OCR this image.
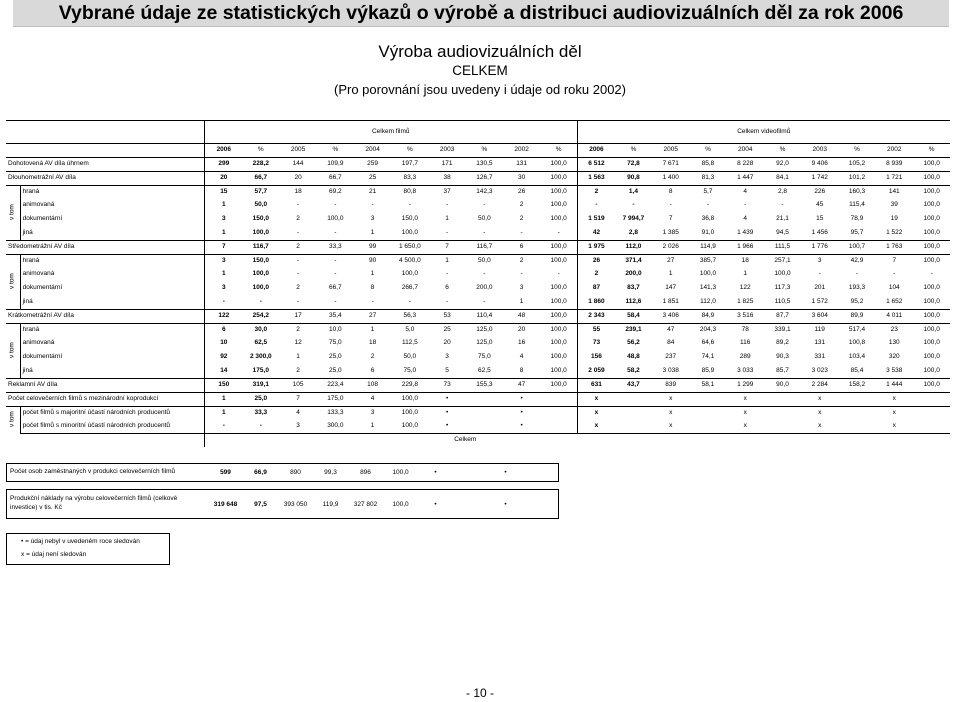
Vybrané údaje ze statistických výkazů o výrobě a distribuci audiovizuálních děl za rok 2006
Výroba audiovizuálních děl
CELKEM
(Pro porovnání jsou uvedeny i údaje od roku 2002)
		Celkem filmů										Celkem videofilmů									
		2006	%	2005	%	2004	%	2003	%	2002	%	2006	%	2005	%	2004	%	2003	%	2002	%
Dohotovená AV díla úhrnem		299	228,2	144	109,9	259	197,7	171	130,5	131	100,0	6 512	72,8	7 671	85,8	8 228	92,0	9 406	105,2	8 939	100,0
Dlouhometrážní AV díla		20	66,7	20	66,7	25	83,3	38	126,7	30	100,0	1 563	90,8	1 400	81,3	1 447	84,1	1 742	101,2	1 721	100,0

v tom	hraná	15	57,7	18	69,2	21	80,8	37	142,3	26	100,0	2	1,4	8	5,7	4	2,8	226	160,3	141	100,0
	animovaná	1	50,0	-	-	-	-	-	-	2	100,0	-	-	-	-	-	-	45	115,4	39	100,0
	dokumentární	3	150,0	2	100,0	3	150,0	1	50,0	2	100,0	1 519	7 994,7	7	36,8	4	21,1	15	78,9	19	100,0
	jiná	1	100,0	-	-	1	100,0	-	-	-	-	42	2,8	1 385	91,0	1 439	94,5	1 456	95,7	1 522	100,0
Středometrážní AV díla		7	116,7	2	33,3	99	1 650,0	7	116,7	6	100,0	1 975	112,0	2 026	114,9	1 966	111,5	1 776	100,7	1 763	100,0

v tom	hraná	3	150,0	-	-	90	4 500,0	1	50,0	2	100,0	26	371,4	27	385,7	18	257,1	3	42,9	7	100,0
	animovaná	1	100,0	-	-	1	100,0	-	-	-	-	2	200,0	1	100,0	1	100,0	-	-	-	-
	dokumentární	3	100,0	2	66,7	8	266,7	6	200,0	3	100,0	87	83,7	147	141,3	122	117,3	201	193,3	104	100,0
	jiná	-	-	-	-	-	-	-	-	1	100,0	1 860	112,6	1 851	112,0	1 825	110,5	1 572	95,2	1 652	100,0
Krátkometrážní AV díla		122	254,2	17	35,4	27	56,3	53	110,4	48	100,0	2 343	58,4	3 406	84,9	3 516	87,7	3 604	89,9	4 011	100,0

v tom	hraná	6	30,0	2	10,0	1	5,0	25	125,0	20	100,0	55	239,1	47	204,3	78	339,1	119	517,4	23	100,0
	animovaná	10	62,5	12	75,0	18	112,5	20	125,0	16	100,0	73	56,2	84	64,6	116	89,2	131	100,8	130	100,0
	dokumentární	92	2 300,0	1	25,0	2	50,0	3	75,0	4	100,0	156	48,8	237	74,1	289	90,3	331	103,4	320	100,0
	jiná	14	175,0	2	25,0	6	75,0	5	62,5	8	100,0	2 059	58,2	3 038	85,9	3 033	85,7	3 023	85,4	3 538	100,0
Reklamní AV díla		150	319,1	105	223,4	108	229,8	73	155,3	47	100,0	631	43,7	839	58,1	1 299	90,0	2 284	158,2	1 444	100,0
Počet celovečerních filmů s mezinárodní koprodukcí		1	25,0	7	175,0	4	100,0	•		•		x		x		x		x		x	

v tom	počet filmů s majoritní účastí národních producentů	1	33,3	4	133,3	3	100,0	•		•		x		x		x		x		x	
	počet filmů s minoritní účastí národních producentů	-	-	3	300,0	1	100,0	•		•		x		x		x		x		x	
								Celkem													
Počet osob zaměstnaných v produkci celovečerních filmů	599	66,9	890	99,3	896	100,0	•		•	
Produkční náklady na výrobu celovečerních filmů (celkové investice) v tis. Kč	319 648	97,5	393 050	119,9	327 802	100,0	•		•	
• = údaj nebyl v uvedeném roce sledován
x = údaj není sledován
- 10 -
